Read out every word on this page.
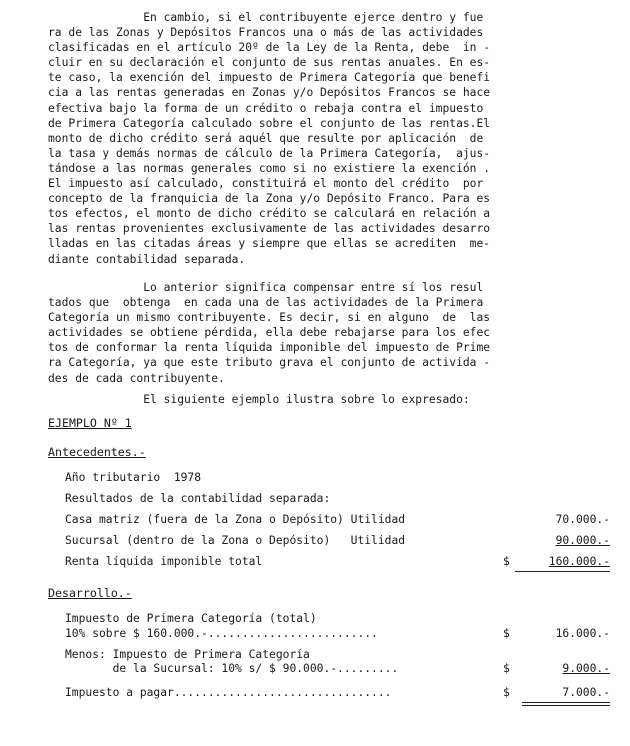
En cambio, si el contribuyente ejerce dentro y fue
ra de las Zonas y Depósitos Francos una o más de las actividades
clasificadas en el artículo 20º de la Ley de la Renta, debe  in -
cluir en su declaración el conjunto de sus rentas anuales. En es-
te caso, la exención del impuesto de Primera Categoría que benefi
cia a las rentas generadas en Zonas y/o Depósitos Francos se hace
efectiva bajo la forma de un crédito o rebaja contra el impuesto
de Primera Categoría calculado sobre el conjunto de las rentas.El
monto de dicho crédito será aquél que resulte por aplicación  de
la tasa y demás normas de cálculo de la Primera Categoría,  ajus-
tándose a las normas generales como si no existiere la exención .
El impuesto así calculado, constituirá el monto del crédito  por
concepto de la franquicia de la Zona y/o Depósito Franco. Para es
tos efectos, el monto de dicho crédito se calculará en relación a
las rentas provenientes exclusivamente de las actividades desarro
lladas en las citadas áreas y siempre que ellas se acrediten  me-
diante contabilidad separada.
Lo anterior significa compensar entre sí los resul
tados que  obtenga  en cada una de las actividades de la Primera
Categoría un mismo contribuyente. Es decir, si en alguno  de  las
actividades se obtiene pérdida, ella debe rebajarse para los efec
tos de conformar la renta líquida imponible del impuesto de Prime
ra Categoría, ya que este tributo grava el conjunto de activida -
des de cada contribuyente.
El siguiente ejemplo ilustra sobre lo expresado:
EJEMPLO Nº 1
Antecedentes.-
Año tributario  1978
Resultados de la contabilidad separada:
Casa matriz (fuera de la Zona o Depósito) Utilidad	70.000.-
Sucursal (dentro de la Zona o Depósito)   Utilidad	90.000.-
Renta líquida imponible total	$	160.000.-
Desarrollo.-
Impuesto de Primera Categoría (total)
10% sobre $ 160.000.-.........................	$	16.000.-
Menos: Impuesto de Primera Categoría
de la Sucursal: 10% s/ $ 90.000.-.........	$	9.000.-
Impuesto a pagar................................	$	7.000.-
